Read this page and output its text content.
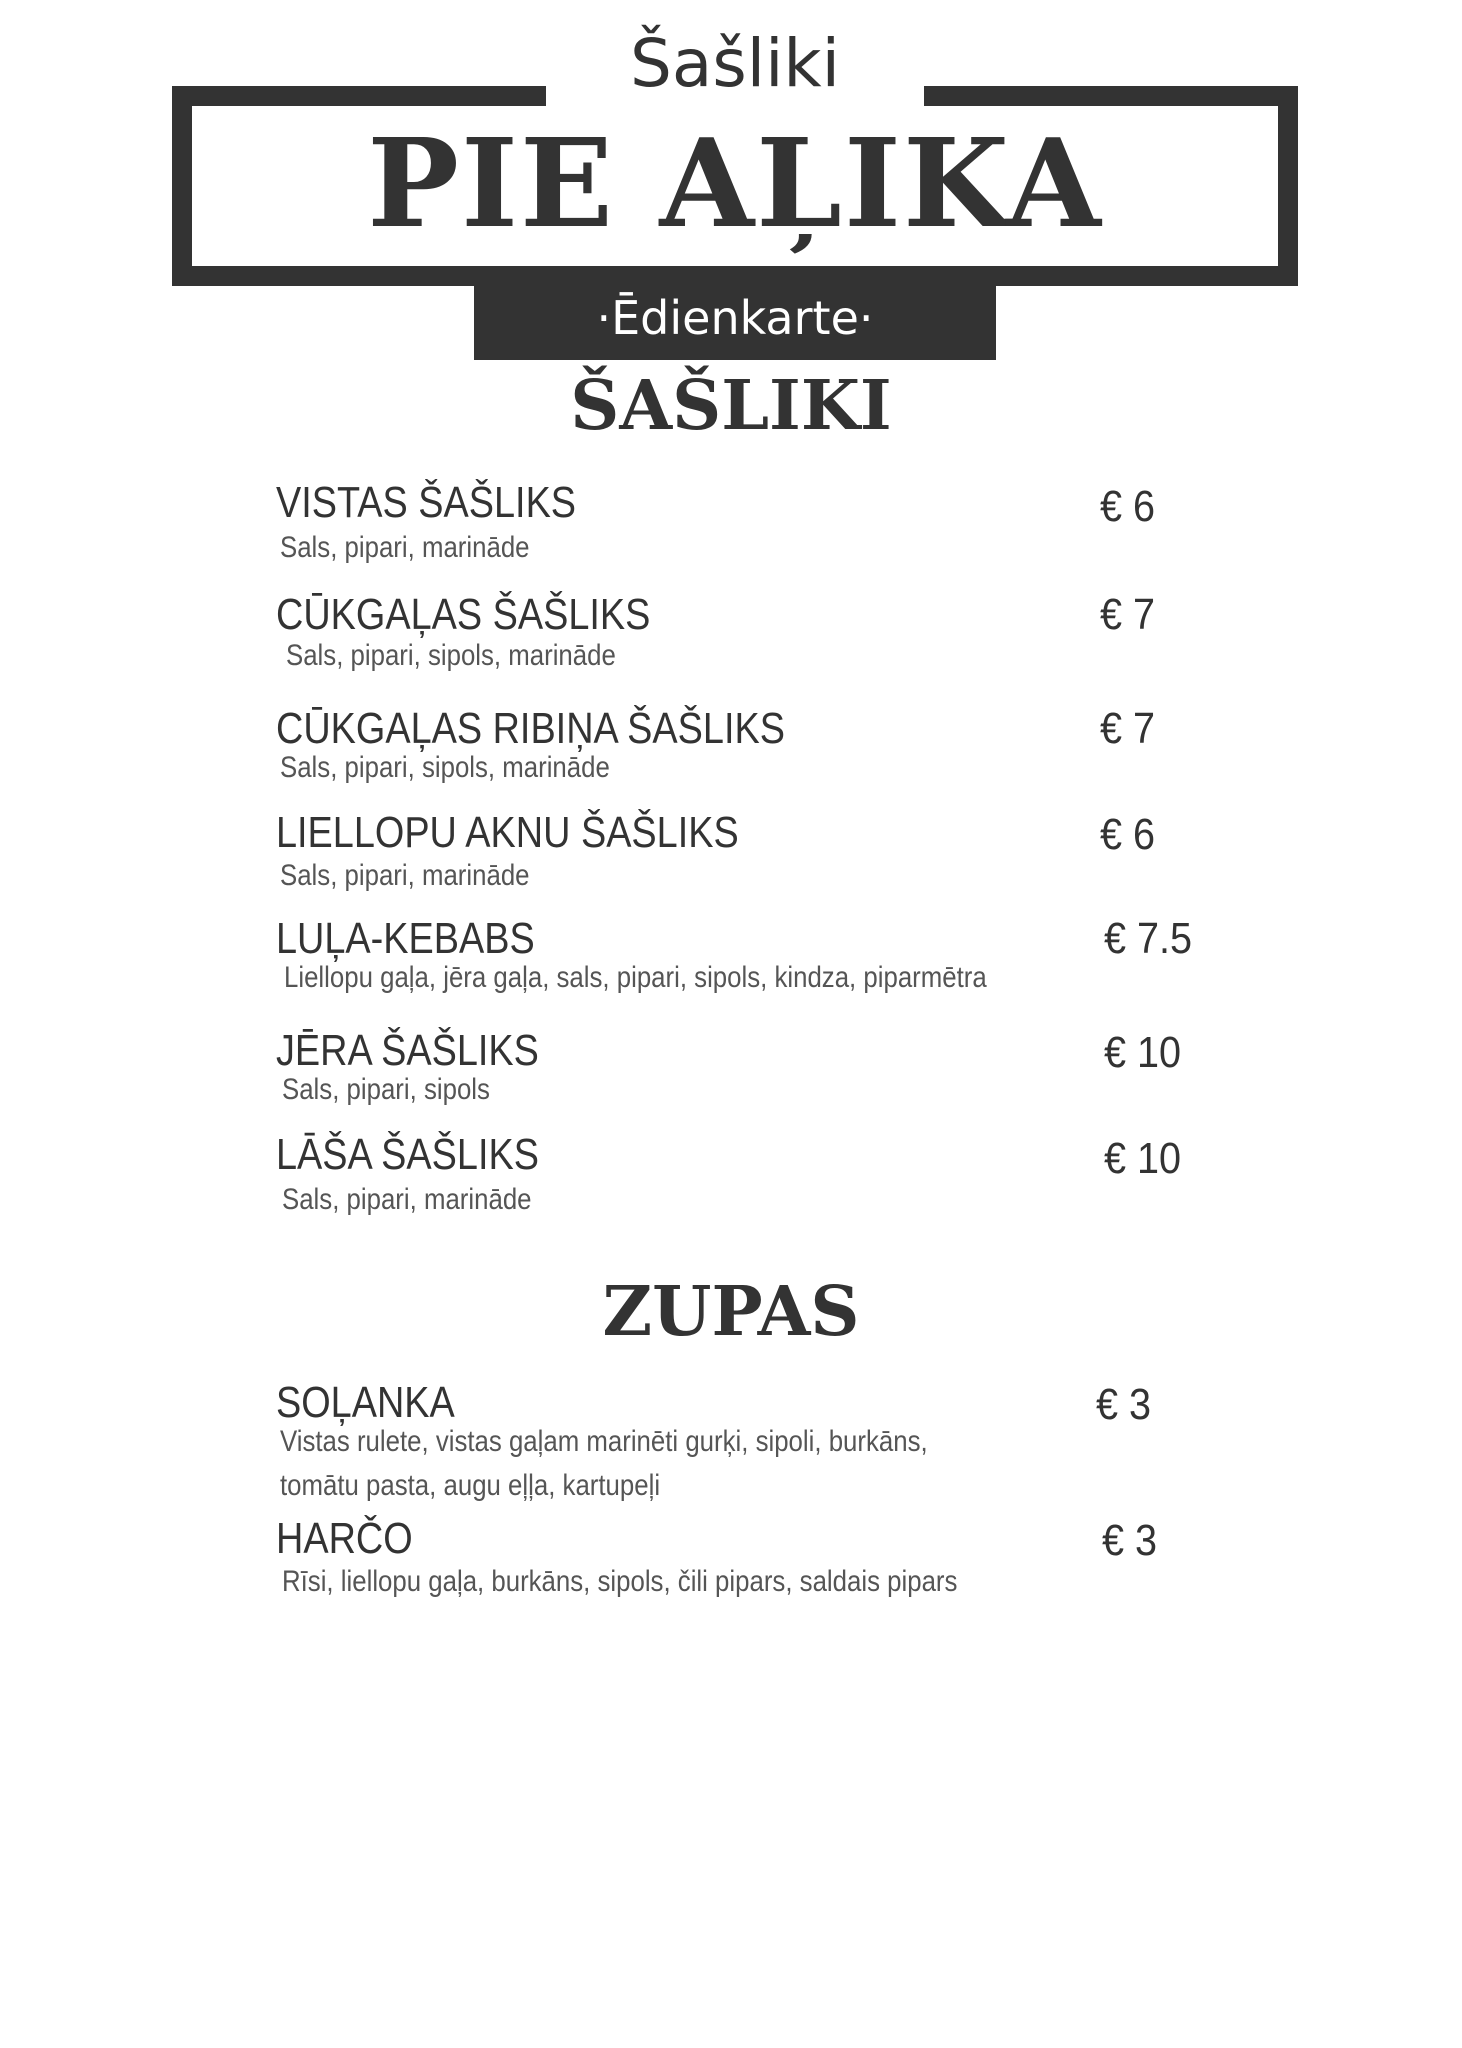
Šašliki
PIE AĻIKA
·Ēdienkarte·
ŠAŠLIKI
VISTAS ŠAŠLIKS
Sals, pipari, marināde
€ 6
CŪKGAĻAS ŠAŠLIKS
Sals, pipari, sipols, marināde
€ 7
CŪKGAĻAS RIBIŅA ŠAŠLIKS
Sals, pipari, sipols, marināde
€ 7
LIELLOPU AKNU ŠAŠLIKS
Sals, pipari, marināde
€ 6
LUĻA-KEBABS
Liellopu gaļa, jēra gaļa, sals, pipari, sipols, kindza, piparmētra
€ 7.5
JĒRA ŠAŠLIKS
Sals, pipari, sipols
€ 10
LĀŠA ŠAŠLIKS
Sals, pipari, marināde
€ 10
ZUPAS
SOĻANKA
Vistas rulete, vistas gaļam marinēti gurķi, sipoli, burkāns, tomātu pasta, augu eļļa, kartupeļi
€ 3
HARČO
Rīsi, liellopu gaļa, burkāns, sipols, čili pipars, saldais pipars
€ 3
